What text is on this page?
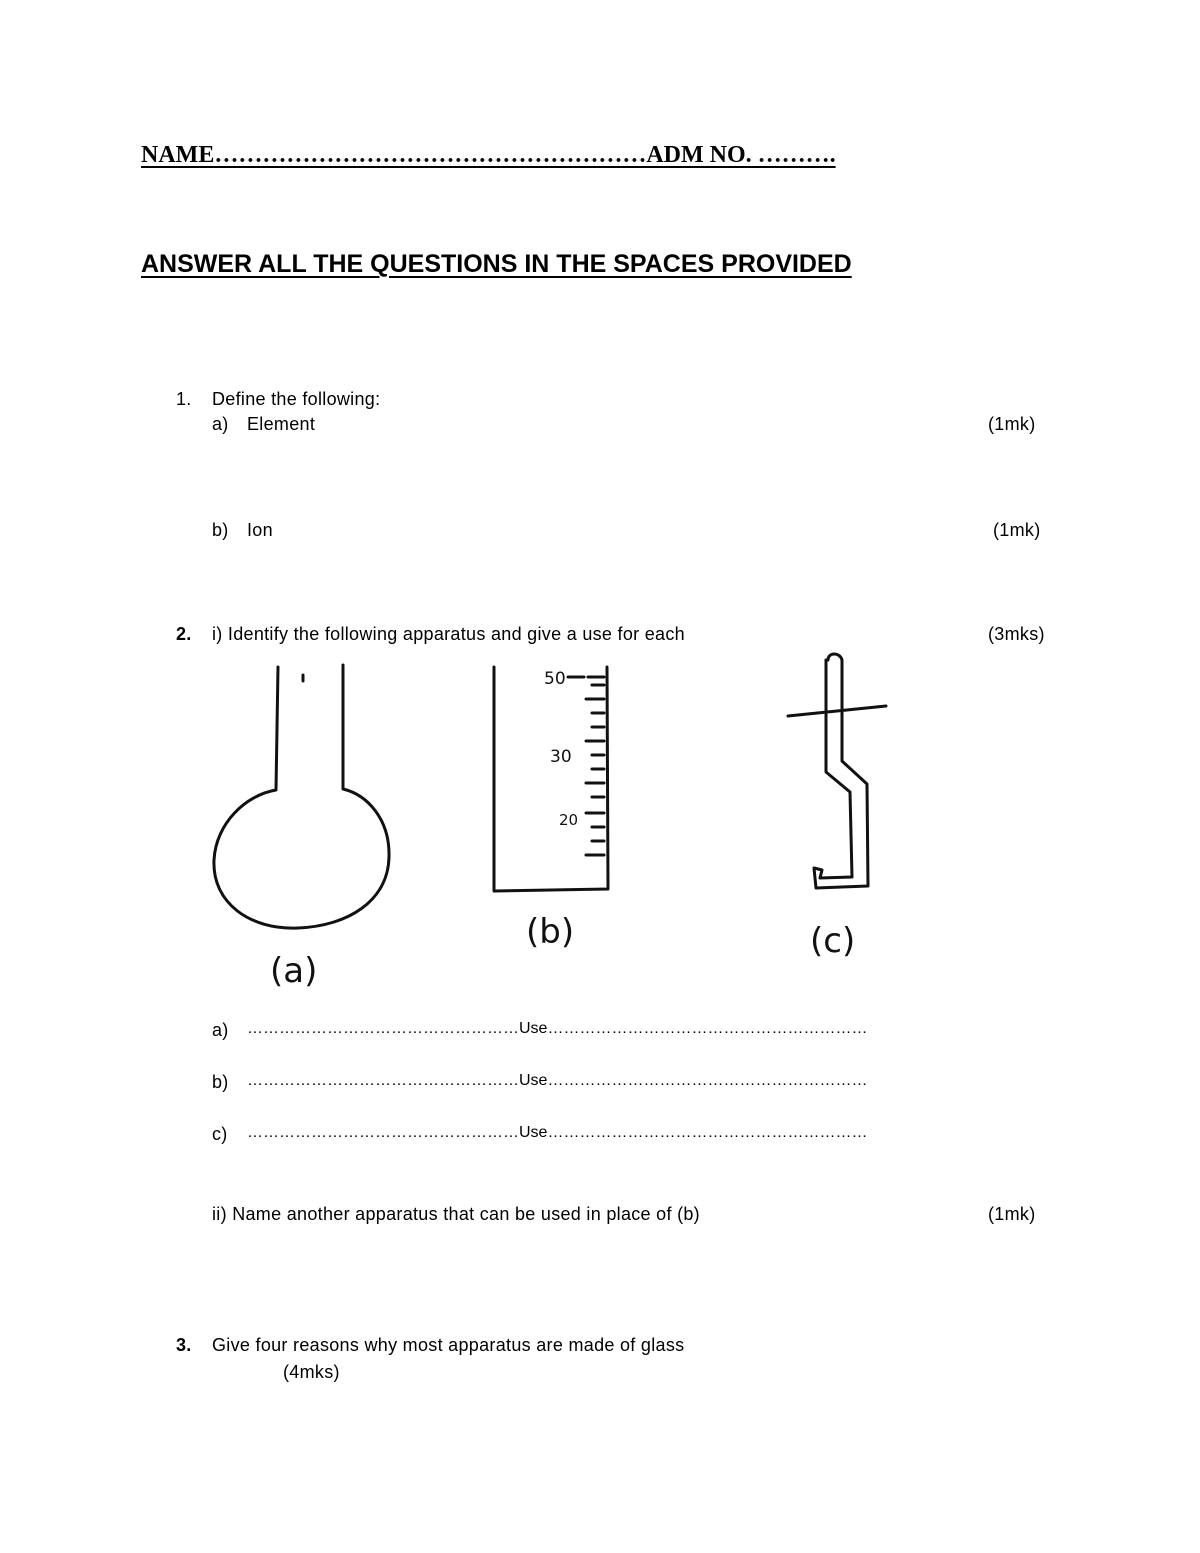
NAME………………………………………………ADM NO. ……….
ANSWER ALL THE QUESTIONS IN THE SPACES PROVIDED
1. Define the following:
a) Element	(1mk)
b) Ion	(1mk)
2. i) Identify the following apparatus and give a use for each	(3mks)
(a)
50
30
20
(b)	(c)
a) ……………………………………………Use……………………………………………………
b) ……………………………………………Use……………………………………………………
c) ……………………………………………Use……………………………………………………
ii) Name another apparatus that can be used in place of (b)	(1mk)
3. Give four reasons why most apparatus are made of glass
(4mks)
